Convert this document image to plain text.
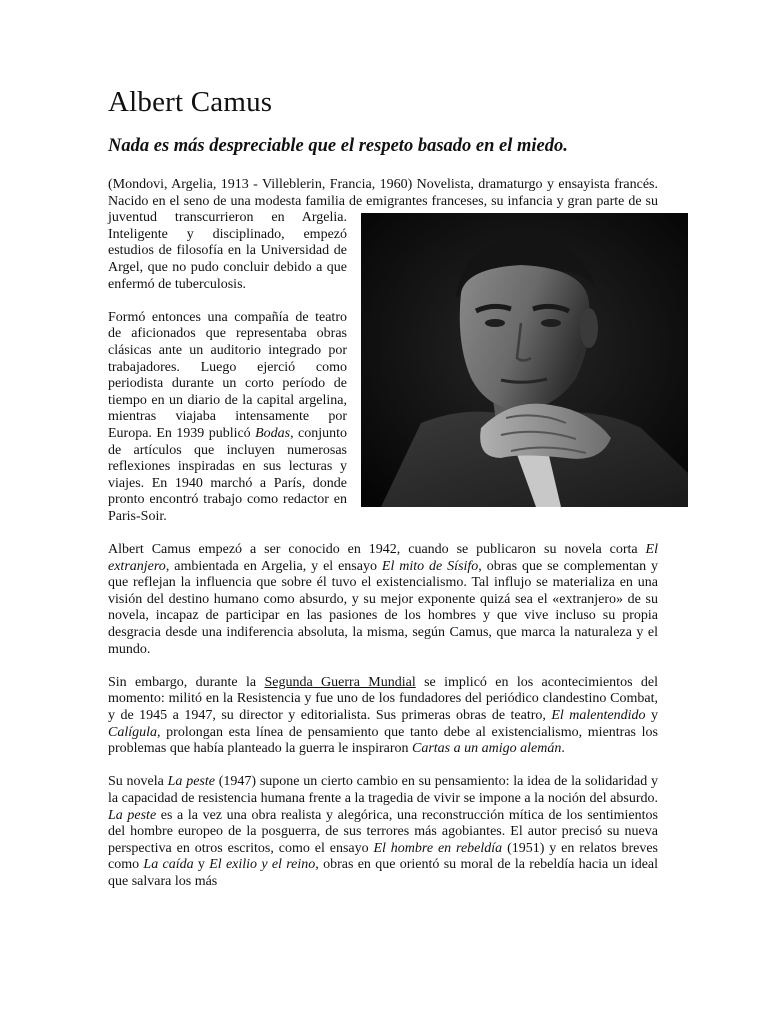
Albert Camus
Nada es más despreciable que el respeto basado en el miedo.

(Mondovi, Argelia, 1913 - Villeblerin, Francia, 1960) Novelista, dramaturgo y ensayista francés. Nacido en el seno de una modesta familia de emigrantes franceses, su infancia y gran parte de su juventud transcurrieron en Argelia. Inteligente y disciplinado, empezó estudios de filosofía en la Universidad de Argel, que no pudo concluir debido a que enfermó de tuberculosis.

Formó entonces una compañía de teatro de aficionados que representaba obras clásicas ante un auditorio integrado por trabajadores. Luego ejerció como periodista durante un corto período de tiempo en un diario de la capital argelina, mientras viajaba intensamente por Europa. En 1939 publicó Bodas, conjunto de artículos que incluyen numerosas reflexiones inspiradas en sus lecturas y viajes. En 1940 marchó a París, donde pronto encontró trabajo como redactor en Paris-Soir.

Albert Camus empezó a ser conocido en 1942, cuando se publicaron su novela corta El extranjero, ambientada en Argelia, y el ensayo El mito de Sísifo, obras que se complementan y que reflejan la influencia que sobre él tuvo el existencialismo. Tal influjo se materializa en una visión del destino humano como absurdo, y su mejor exponente quizá sea el «extranjero» de su novela, incapaz de participar en las pasiones de los hombres y que vive incluso su propia desgracia desde una indiferencia absoluta, la misma, según Camus, que marca la naturaleza y el mundo.

Sin embargo, durante la Segunda Guerra Mundial se implicó en los acontecimientos del momento: militó en la Resistencia y fue uno de los fundadores del periódico clandestino Combat, y de 1945 a 1947, su director y editorialista. Sus primeras obras de teatro, El malentendido y Calígula, prolongan esta línea de pensamiento que tanto debe al existencialismo, mientras los problemas que había planteado la guerra le inspiraron Cartas a un amigo alemán.

Su novela La peste (1947) supone un cierto cambio en su pensamiento: la idea de la solidaridad y la capacidad de resistencia humana frente a la tragedia de vivir se impone a la noción del absurdo. La peste es a la vez una obra realista y alegórica, una reconstrucción mítica de los sentimientos del hombre europeo de la posguerra, de sus terrores más agobiantes. El autor precisó su nueva perspectiva en otros escritos, como el ensayo El hombre en rebeldía (1951) y en relatos breves como La caída y El exilio y el reino, obras en que orientó su moral de la rebeldía hacia un ideal que salvara los más
